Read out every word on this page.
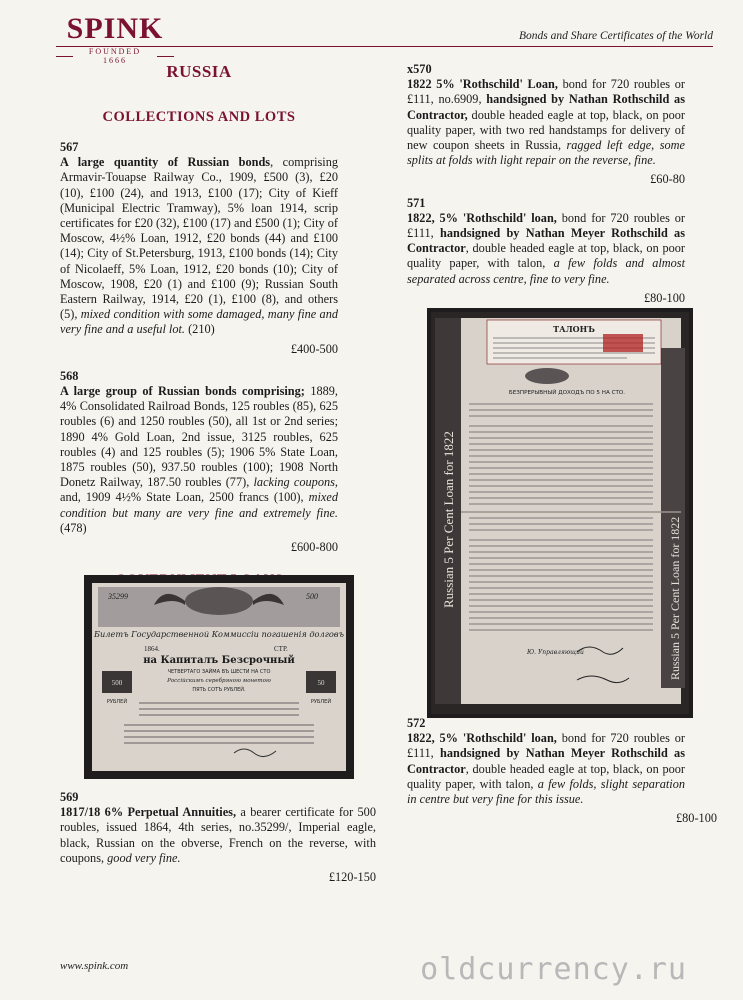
SPINK
FOUNDED 1666
Bonds and Share Certificates of the World
RUSSIA
COLLECTIONS AND LOTS
567

A large quantity of Russian bonds, comprising Armavir-Touapse Railway Co., 1909, £500 (3), £20 (10), £100 (24), and 1913, £100 (17); City of Kieff (Municipal Electric Tramway), 5% loan 1914, scrip certificates for £20 (32), £100 (17) and £500 (1); City of Moscow, 4½% Loan, 1912, £20 bonds (44) and £100 (14); City of St.Petersburg, 1913, £100 bonds (14); City of Nicolaeff, 5% Loan, 1912, £20 bonds (10); City of Moscow, 1908, £20 (1) and £100 (9); Russian South Eastern Railway, 1914, £20 (1), £100 (8), and others (5), mixed condition with some damaged, many fine and very fine and a useful lot. (210)

£400-500
568

A large group of Russian bonds comprising; 1889, 4% Consolidated Railroad Bonds, 125 roubles (85), 625 roubles (6) and 1250 roubles (50), all 1st or 2nd series; 1890 4% Gold Loan, 2nd issue, 3125 roubles, 625 roubles (4) and 125 roubles (5); 1906 5% State Loan, 1875 roubles (50), 937.50 roubles (100); 1908 North Donetz Railway, 187.50 roubles (77), lacking coupons, and, 1909 4½% State Loan, 2500 francs (100), mixed condition but many are very fine and extremely fine. (478)

£600-800
35299	500
Билетъ Государственной Коммиссiи погашенiя долговъ
1864.	СТР.
на Капиталъ Безсрочный
ЧЕТВЕРТАГО ЗАЙМА ВЪ ШЕСТИ НА СТО
Россiйскимъ серебряною монетою
ПЯТЬ СОТЪ РУБЛЕЙ.
500	50
РУБЛЕЙ	РУБЛЕЙ
569

1817/18 6% Perpetual Annuities, a bearer certificate for 500 roubles, issued 1864, 4th series, no.35299/, Imperial eagle, black, Russian on the obverse, French on the reverse, with coupons, good very fine.

£120-150
x570

1822 5% 'Rothschild' Loan, bond for 720 roubles or £111, no.6909, handsigned by Nathan Rothschild as Contractor, double headed eagle at top, black, on poor quality paper, with two red handstamps for delivery of new coupon sheets in Russia, ragged left edge, some splits at folds with light repair on the reverse, fine.

£60-80
571

1822, 5% 'Rothschild' loan, bond for 720 roubles or £111, handsigned by Nathan Meyer Rothschild as Contractor, double headed eagle at top, black, on poor quality paper, with talon, a few folds and almost separated across centre, fine to very fine.

£80-100
ТАЛОНЪ
БЕЗПРЕРЫВНЫЙ ДОХОДЪ ПО 5 НА СТО.
Ю. Управляющий
Russian 5 Per Cent Loan for 1822	Russian 5 Per Cent Loan for 1822
572

1822, 5% 'Rothschild' loan, bond for 720 roubles or £111, handsigned by Nathan Meyer Rothschild as Contractor, double headed eagle at top, black, on poor quality paper, with talon, a few folds, slight separation in centre but very fine for this issue.

£80-100
www.spink.com	oldcurrency.ru
